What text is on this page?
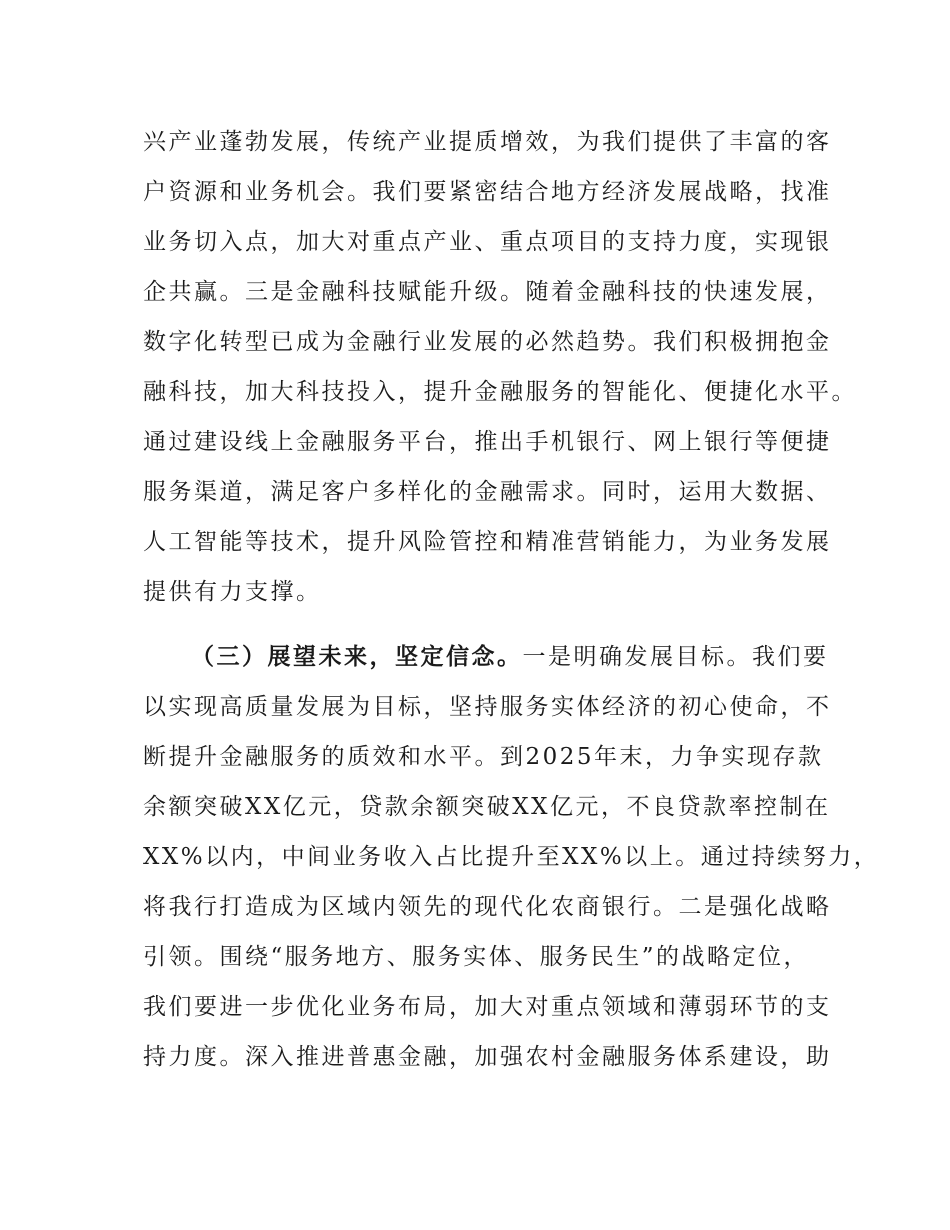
兴产业蓬勃发展，传统产业提质增效，为我们提供了丰富的客
户资源和业务机会。我们要紧密结合地方经济发展战略，找准
业务切入点，加大对重点产业、重点项目的支持力度，实现银
企共赢。三是金融科技赋能升级。随着金融科技的快速发展，
数字化转型已成为金融行业发展的必然趋势。我们积极拥抱金
融科技，加大科技投入，提升金融服务的智能化、便捷化水平。
通过建设线上金融服务平台，推出手机银行、网上银行等便捷
服务渠道，满足客户多样化的金融需求。同时，运用大数据、
人工智能等技术，提升风险管控和精准营销能力，为业务发展
提供有力支撑。
（三）展望未来，坚定信念。一是明确发展目标。我们要
以实现高质量发展为目标，坚持服务实体经济的初心使命，不
断提升金融服务的质效和水平。到2025年末，力争实现存款
余额突破XX亿元，贷款余额突破XX亿元，不良贷款率控制在
XX%以内，中间业务收入占比提升至XX%以上。通过持续努力，
将我行打造成为区域内领先的现代化农商银行。二是强化战略
引领。围绕“服务地方、服务实体、服务民生”的战略定位，
我们要进一步优化业务布局，加大对重点领域和薄弱环节的支
持力度。深入推进普惠金融，加强农村金融服务体系建设，助
